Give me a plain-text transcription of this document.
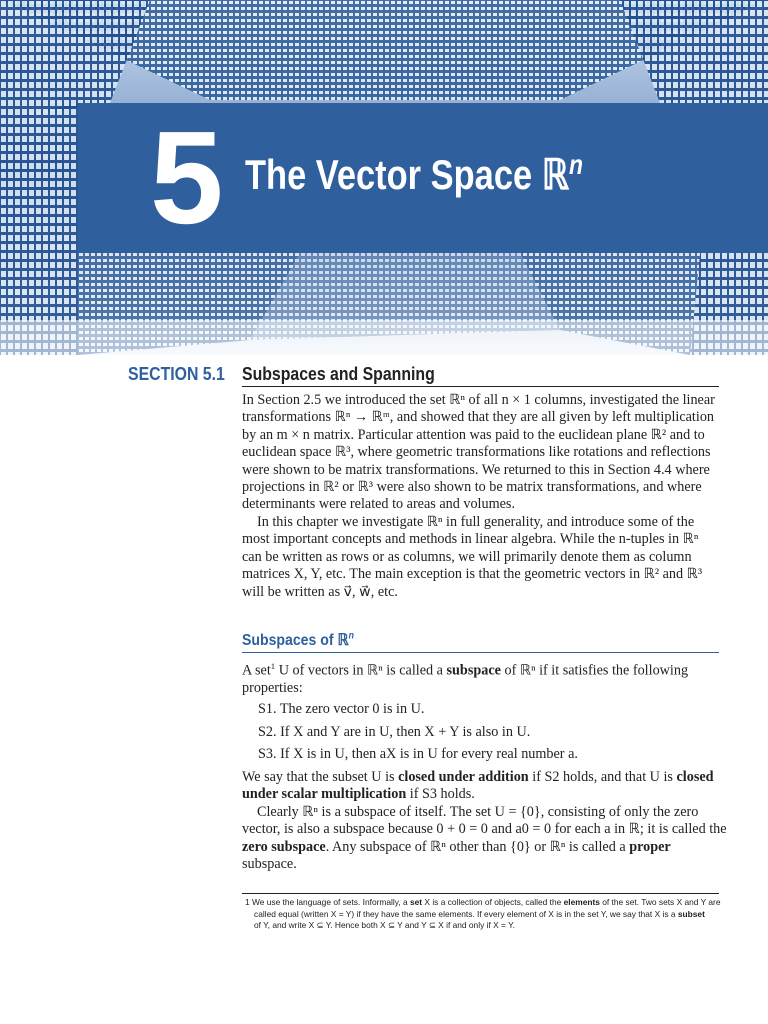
5 The Vector Space ℝ$^n$
SECTION 5.1 Subspaces and Spanning
In Section 2.5 we introduced the set ℝⁿ of all n × 1 columns, investigated the linear
transformations ℝⁿ → ℝᵐ, and showed that they are all given by left multiplication
by an m × n matrix. Particular attention was paid to the euclidean plane ℝ² and to
euclidean space ℝ³, where geometric transformations like rotations and reflections
were shown to be matrix transformations. We returned to this in Section 4.4 where
projections in ℝ² or ℝ³ were also shown to be matrix transformations, and where
determinants were related to areas and volumes.
In this chapter we investigate ℝⁿ in full generality, and introduce some of the
most important concepts and methods in linear algebra. While the n-tuples in ℝⁿ
can be written as rows or as columns, we will primarily denote them as column
matrices X, Y, etc. The main exception is that the geometric vectors in ℝ² and ℝ³
will be written as v⃗, w⃗, etc.
Subspaces of ℝ$^n$
A set$^1$ U of vectors in ℝⁿ is called a subspace of ℝⁿ if it satisfies the following
properties:
S1. The zero vector 0 is in U.
S2. If X and Y are in U, then X + Y is also in U.
S3. If X is in U, then aX is in U for every real number a.
We say that the subset U is closed under addition if S2 holds, and that U is closed
under scalar multiplication if S3 holds.
Clearly ℝⁿ is a subspace of itself. The set U = {0}, consisting of only the zero
vector, is also a subspace because 0 + 0 = 0 and a0 = 0 for each a in ℝ; it is called the
zero subspace. Any subspace of ℝⁿ other than {0} or ℝⁿ is called a proper
subspace.
1 We use the language of sets. Informally, a set X is a collection of objects, called the elements of the set. Two sets X and Y are
called equal (written X = Y) if they have the same elements. If every element of X is in the set Y, we say that X is a subset
of Y, and write X ⊆ Y. Hence both X ⊆ Y and Y ⊆ X if and only if X = Y.
